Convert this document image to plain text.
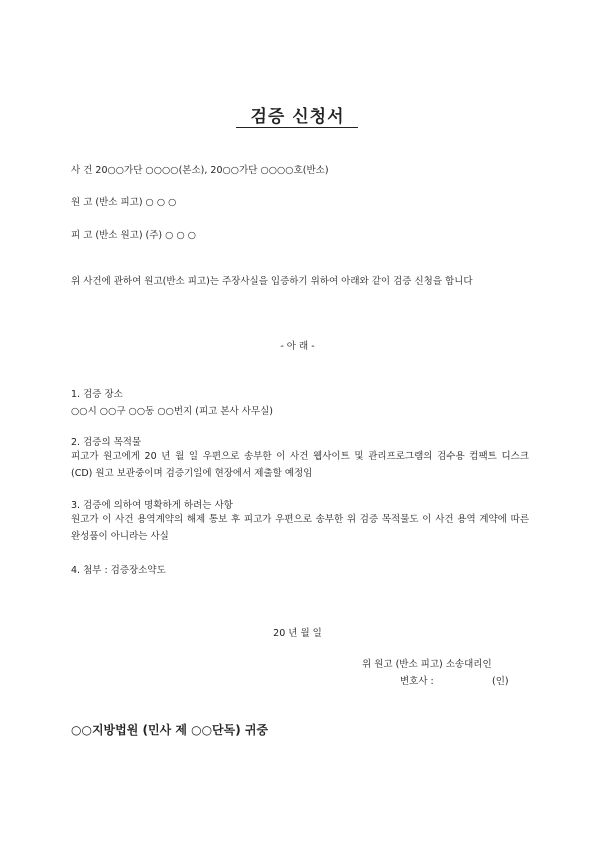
검증 신청서
사 건 20○○가단 ○○○○(본소), 20○○가단 ○○○○호(반소)
원 고 (반소 피고) ○ ○ ○
피 고 (반소 원고) (주) ○ ○ ○
위 사건에 관하여 원고(반소 피고)는 주장사실을 입증하기 위하여 아래와 같이 검증 신청을 합니다
- 아 래 -
1. 검증 장소
○○시 ○○구 ○○동 ○○번지 (피고 본사 사무실)
2. 검증의 목적물
피고가 원고에게 20 년 월 일 우편으로 송부한 이 사건 웹사이트 및 관리프로그램의 검수용 컴팩트 디스크 (CD) 원고 보관중이며 검증기일에 현장에서 제출할 예정임
3. 검증에 의하여 명확하게 하려는 사항
원고가 이 사건 용역계약의 해제 통보 후 피고가 우편으로 송부한 위 검증 목적물도 이 사건 용역 계약에 따른 완성품이 아니라는 사실
4. 첨부 : 검증장소약도
20 년 월 일
위 원고 (반소 피고) 소송대리인
변호사 :	(인)
○○지방법원 (민사 제 ○○단독) 귀중
